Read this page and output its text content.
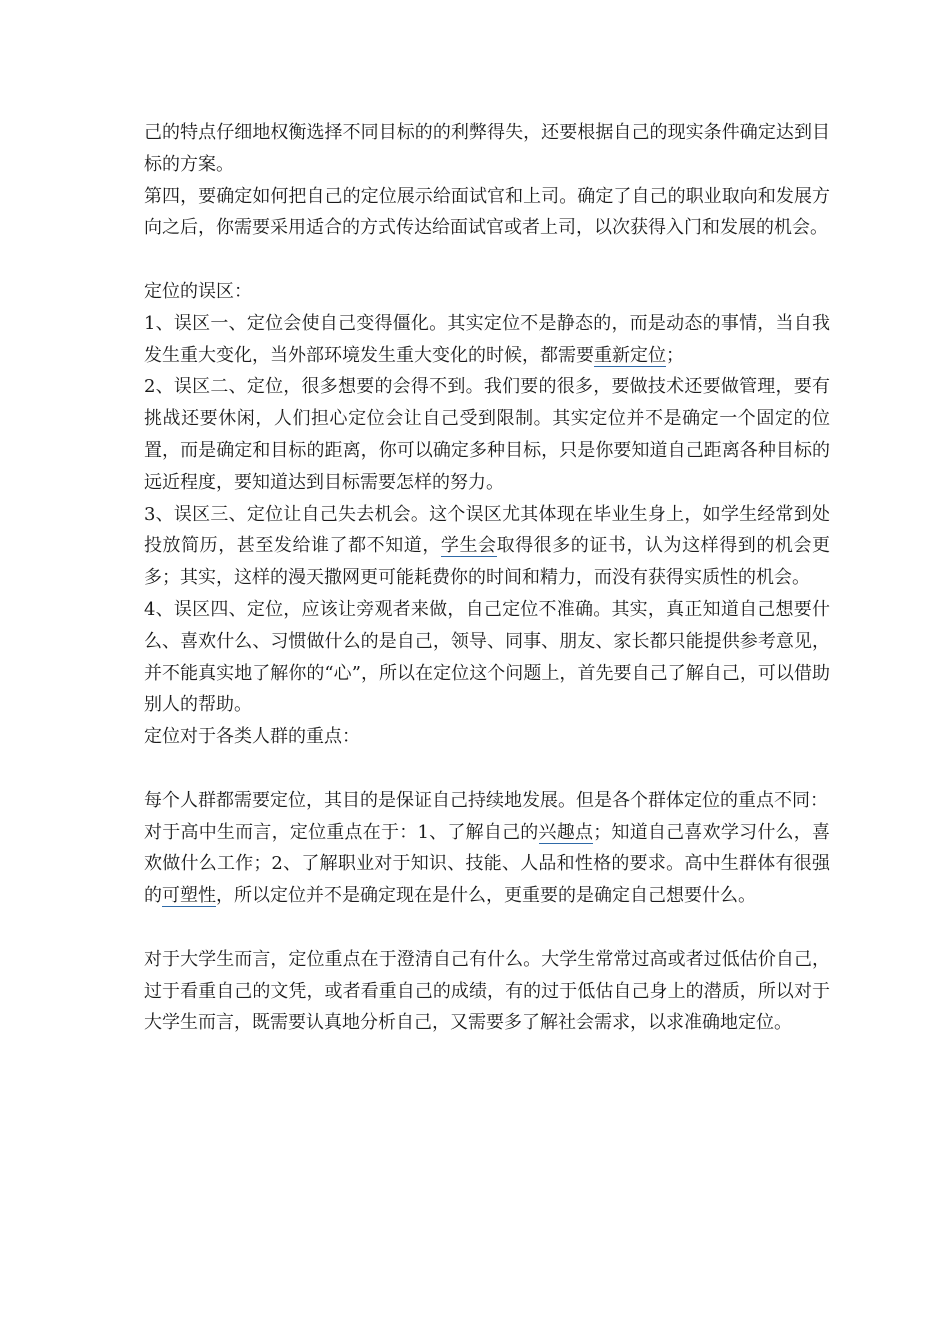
己的特点仔细地权衡选择不同目标的的利弊得失，还要根据自己的现实条件确定达到目标的方案。

第四，要确定如何把自己的定位展示给面试官和上司。确定了自己的职业取向和发展方向之后，你需要采用适合的方式传达给面试官或者上司，以次获得入门和发展的机会。

定位的误区：

1、误区一、定位会使自己变得僵化。其实定位不是静态的，而是动态的事情，当自我发生重大变化，当外部环境发生重大变化的时候，都需要重新定位；

2、误区二、定位，很多想要的会得不到。我们要的很多，要做技术还要做管理，要有挑战还要休闲，人们担心定位会让自己受到限制。其实定位并不是确定一个固定的位置，而是确定和目标的距离，你可以确定多种目标，只是你要知道自己距离各种目标的远近程度，要知道达到目标需要怎样的努力。

3、误区三、定位让自己失去机会。这个误区尤其体现在毕业生身上，如学生经常到处投放简历，甚至发给谁了都不知道，学生会取得很多的证书，认为这样得到的机会更多；其实，这样的漫天撒网更可能耗费你的时间和精力，而没有获得实质性的机会。

4、误区四、定位，应该让旁观者来做，自己定位不准确。其实，真正知道自己想要什么、喜欢什么、习惯做什么的是自己，领导、同事、朋友、家长都只能提供参考意见，并不能真实地了解你的“心”，所以在定位这个问题上，首先要自己了解自己，可以借助别人的帮助。

定位对于各类人群的重点：

每个人群都需要定位，其目的是保证自己持续地发展。但是各个群体定位的重点不同：

对于高中生而言，定位重点在于：1、了解自己的兴趣点；知道自己喜欢学习什么，喜欢做什么工作；2、了解职业对于知识、技能、人品和性格的要求。高中生群体有很强的可塑性，所以定位并不是确定现在是什么，更重要的是确定自己想要什么。

对于大学生而言，定位重点在于澄清自己有什么。大学生常常过高或者过低估价自己，过于看重自己的文凭，或者看重自己的成绩，有的过于低估自己身上的潜质，所以对于大学生而言，既需要认真地分析自己，又需要多了解社会需求，以求准确地定位。
